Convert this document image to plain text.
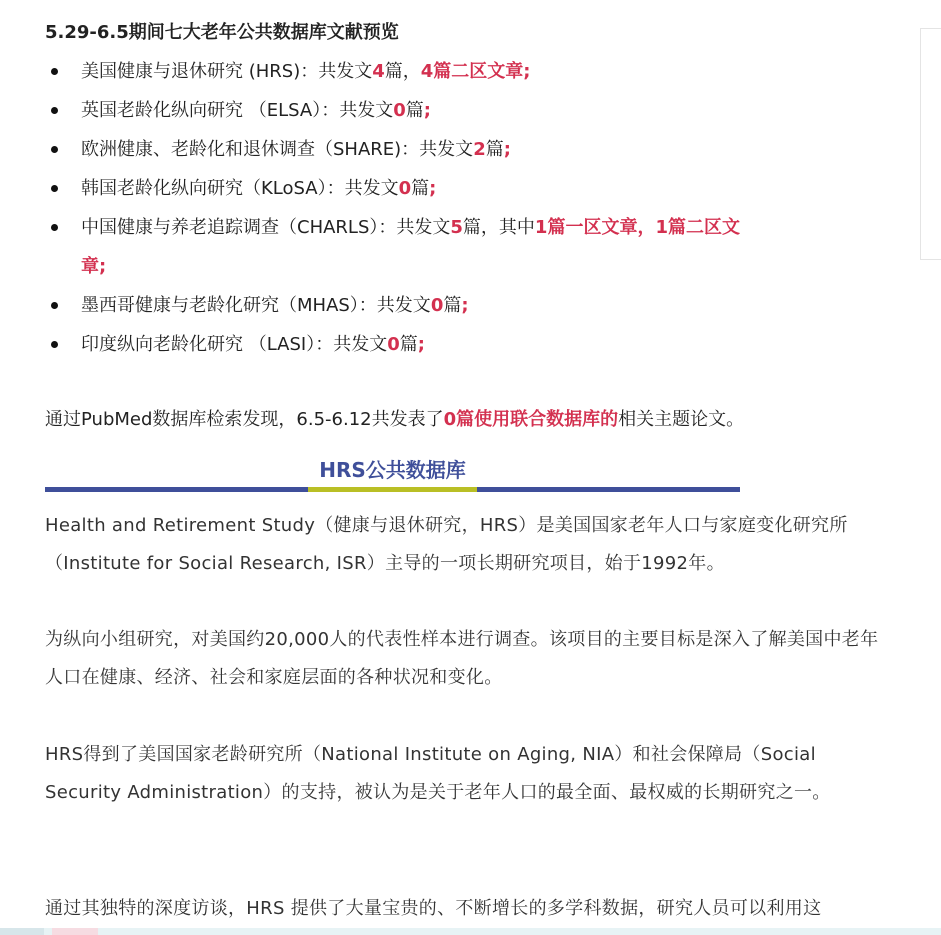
5.29-6.5期间七大老年公共数据库文献预览
美国健康与退休研究 (HRS)：共发文4篇，4篇二区文章;
英国老龄化纵向研究 （ELSA）：共发文0篇;
欧洲健康、老龄化和退休调查（SHARE)：共发文2篇;
韩国老龄化纵向研究（KLoSA）：共发文0篇;
中国健康与养老追踪调查（CHARLS）：共发文5篇，其中1篇一区文章，1篇二区文章;
墨西哥健康与老龄化研究（MHAS）：共发文0篇;
印度纵向老龄化研究 （LASI）：共发文0篇;
通过PubMed数据库检索发现，6.5-6.12共发表了0篇使用联合数据库的相关主题论文。
HRS公共数据库
Health and Retirement Study（健康与退休研究，HRS）是美国国家老年人口与家庭变化研究所（Institute for Social Research, ISR）主导的一项长期研究项目，始于1992年。
为纵向小组研究，对美国约20,000人的代表性样本进行调查。该项目的主要目标是深入了解美国中老年人口在健康、经济、社会和家庭层面的各种状况和变化。
HRS得到了美国国家老龄研究所（National Institute on Aging, NIA）和社会保障局（Social Security Administration）的支持，被认为是关于老年人口的最全面、最权威的长期研究之一。
通过其独特的深度访谈，HRS 提供了大量宝贵的、不断增长的多学科数据，研究人员可以利用这
